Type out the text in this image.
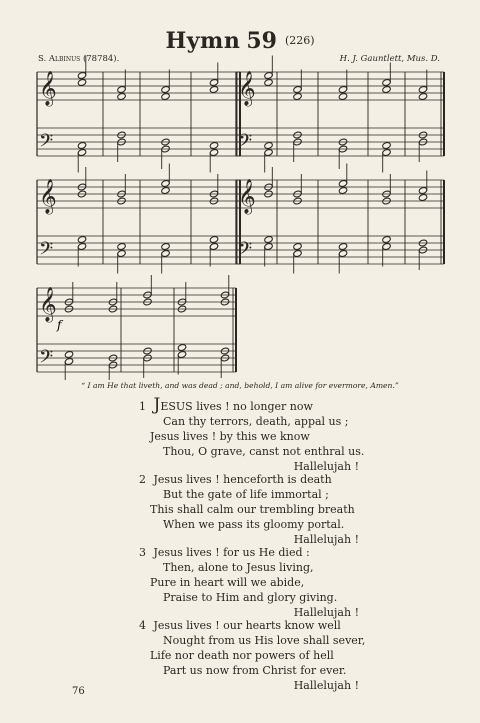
Hymn 59 $^{(226)}$
S. Albinus (78784).	H. J. Gauntlett, Mus. D.
𝄞
𝄢
𝄞
𝄢
𝄞
𝄢
𝄞
𝄢
𝄞
𝄢
f
“ I am He that liveth, and was dead ; and, behold, I am alive for evermore, Amen.”
1 JESUS lives ! no longer now
Can thy terrors, death, appal us ;
Jesus lives ! by this we know
Thou, O grave, canst not enthral us.
Hallelujah !
2 Jesus lives ! henceforth is death
But the gate of life immortal ;
This shall calm our trembling breath
When we pass its gloomy portal.
Hallelujah !
3 Jesus lives ! for us He died :
Then, alone to Jesus living,
Pure in heart will we abide,
Praise to Him and glory giving.
Hallelujah !
4 Jesus lives ! our hearts know well
Nought from us His love shall sever,
Life nor death nor powers of hell
Part us now from Christ for ever.
Hallelujah !
76
